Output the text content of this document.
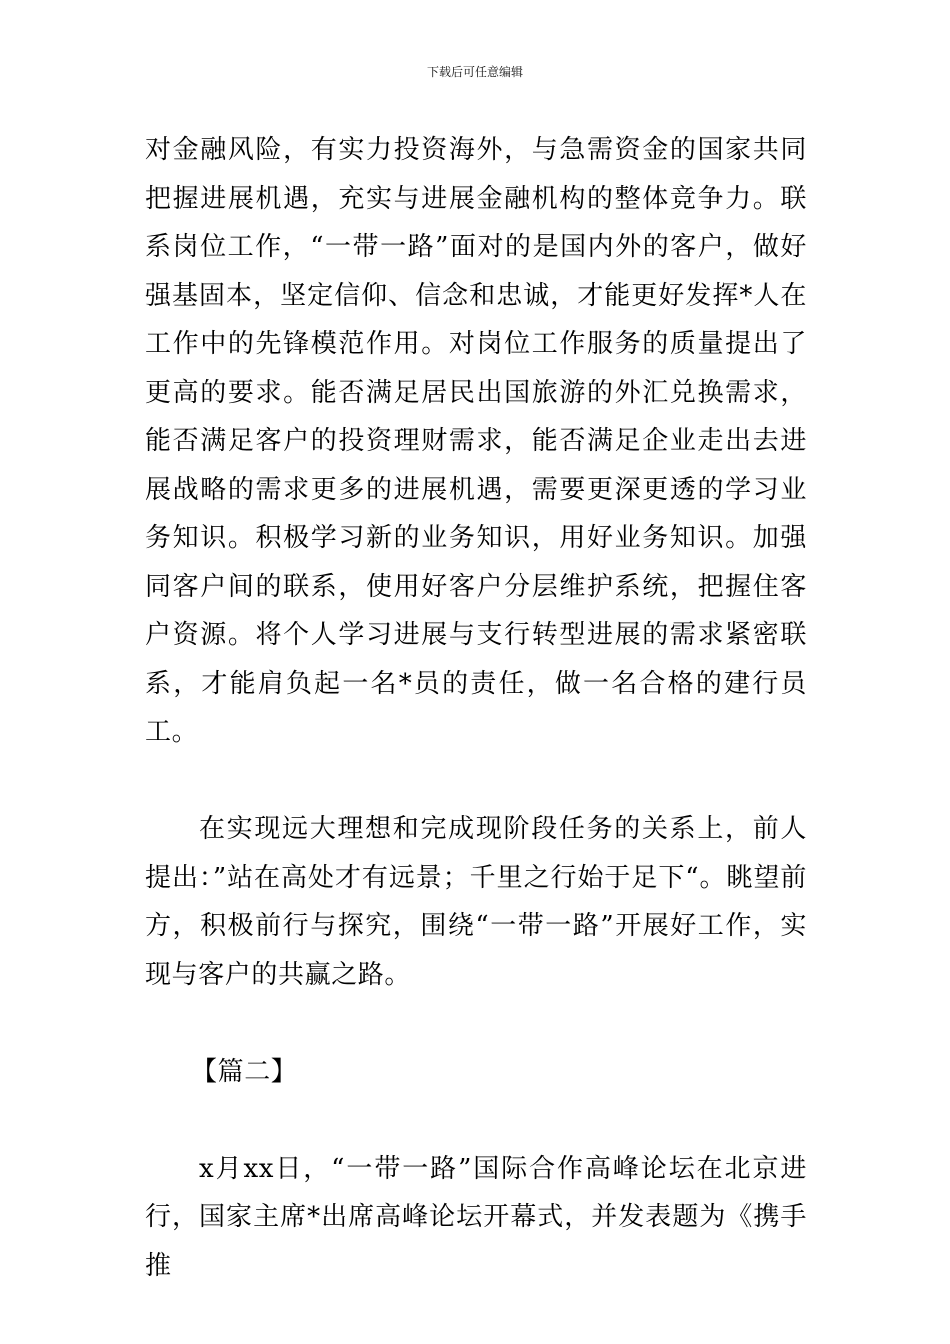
下载后可任意编辑

对金融风险，有实力投资海外，与急需资金的国家共同把握进展机遇，充实与进展金融机构的整体竞争力。联系岗位工作，“一带一路”面对的是国内外的客户，做好强基固本，坚定信仰、信念和忠诚，才能更好发挥*人在工作中的先锋模范作用。对岗位工作服务的质量提出了更高的要求。能否满足居民出国旅游的外汇兑换需求，能否满足客户的投资理财需求，能否满足企业走出去进展战略的需求更多的进展机遇，需要更深更透的学习业务知识。积极学习新的业务知识，用好业务知识。加强同客户间的联系，使用好客户分层维护系统，把握住客户资源。将个人学习进展与支行转型进展的需求紧密联系，才能肩负起一名*员的责任，做一名合格的建行员工。

在实现远大理想和完成现阶段任务的关系上，前人提出：”站在高处才有远景；千里之行始于足下“。眺望前方，积极前行与探究，围绕“一带一路”开展好工作，实现与客户的共赢之路。

【篇二】

x月xx日，“一带一路”国际合作高峰论坛在北京进行，国家主席*出席高峰论坛开幕式，并发表题为《携手推
